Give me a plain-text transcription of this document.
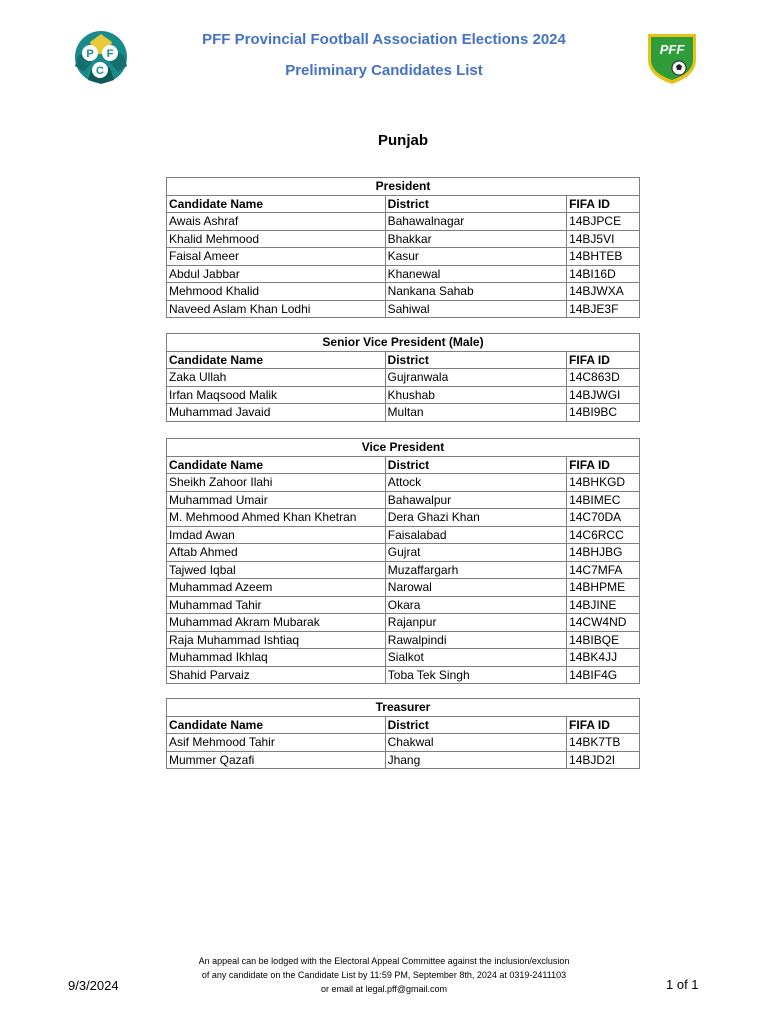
P F
C
PFF
PFF Provincial Football Association Elections 2024
Preliminary Candidates List
Punjab
President		
Candidate Name	District	FIFA ID
Awais Ashraf	Bahawalnagar	14BJPCE
Khalid Mehmood	Bhakkar	14BJ5VI
Faisal Ameer	Kasur	14BHTEB
Abdul Jabbar	Khanewal	14BI16D
Mehmood Khalid	Nankana Sahab	14BJWXA
Naveed Aslam Khan Lodhi	Sahiwal	14BJE3F
Senior Vice President (Male)		
Candidate Name	District	FIFA ID
Zaka Ullah	Gujranwala	14C863D
Irfan Maqsood Malik	Khushab	14BJWGI
Muhammad Javaid	Multan	14BI9BC
Vice President		
Candidate Name	District	FIFA ID
Sheikh Zahoor Ilahi	Attock	14BHKGD
Muhammad Umair	Bahawalpur	14BIMEC
M. Mehmood Ahmed Khan Khetran	Dera Ghazi Khan	14C70DA
Imdad Awan	Faisalabad	14C6RCC
Aftab Ahmed	Gujrat	14BHJBG
Tajwed Iqbal	Muzaffargarh	14C7MFA
Muhammad Azeem	Narowal	14BHPME
Muhammad Tahir	Okara	14BJINE
Muhammad Akram Mubarak	Rajanpur	14CW4ND
Raja Muhammad Ishtiaq	Rawalpindi	14BIBQE
Muhammad Ikhlaq	Sialkot	14BK4JJ
Shahid Parvaiz	Toba Tek Singh	14BIF4G
Treasurer		
Candidate Name	District	FIFA ID
Asif Mehmood Tahir	Chakwal	14BK7TB
Mummer Qazafi	Jhang	14BJD2I
An appeal can be lodged with the Electoral Appeal Committee against the inclusion/exclusion
of any candidate on the Candidate List by 11:59 PM, September 8th, 2024 at 0319-2411103
or email at legal.pff@gmail.com
9/3/2024	1 of 1
